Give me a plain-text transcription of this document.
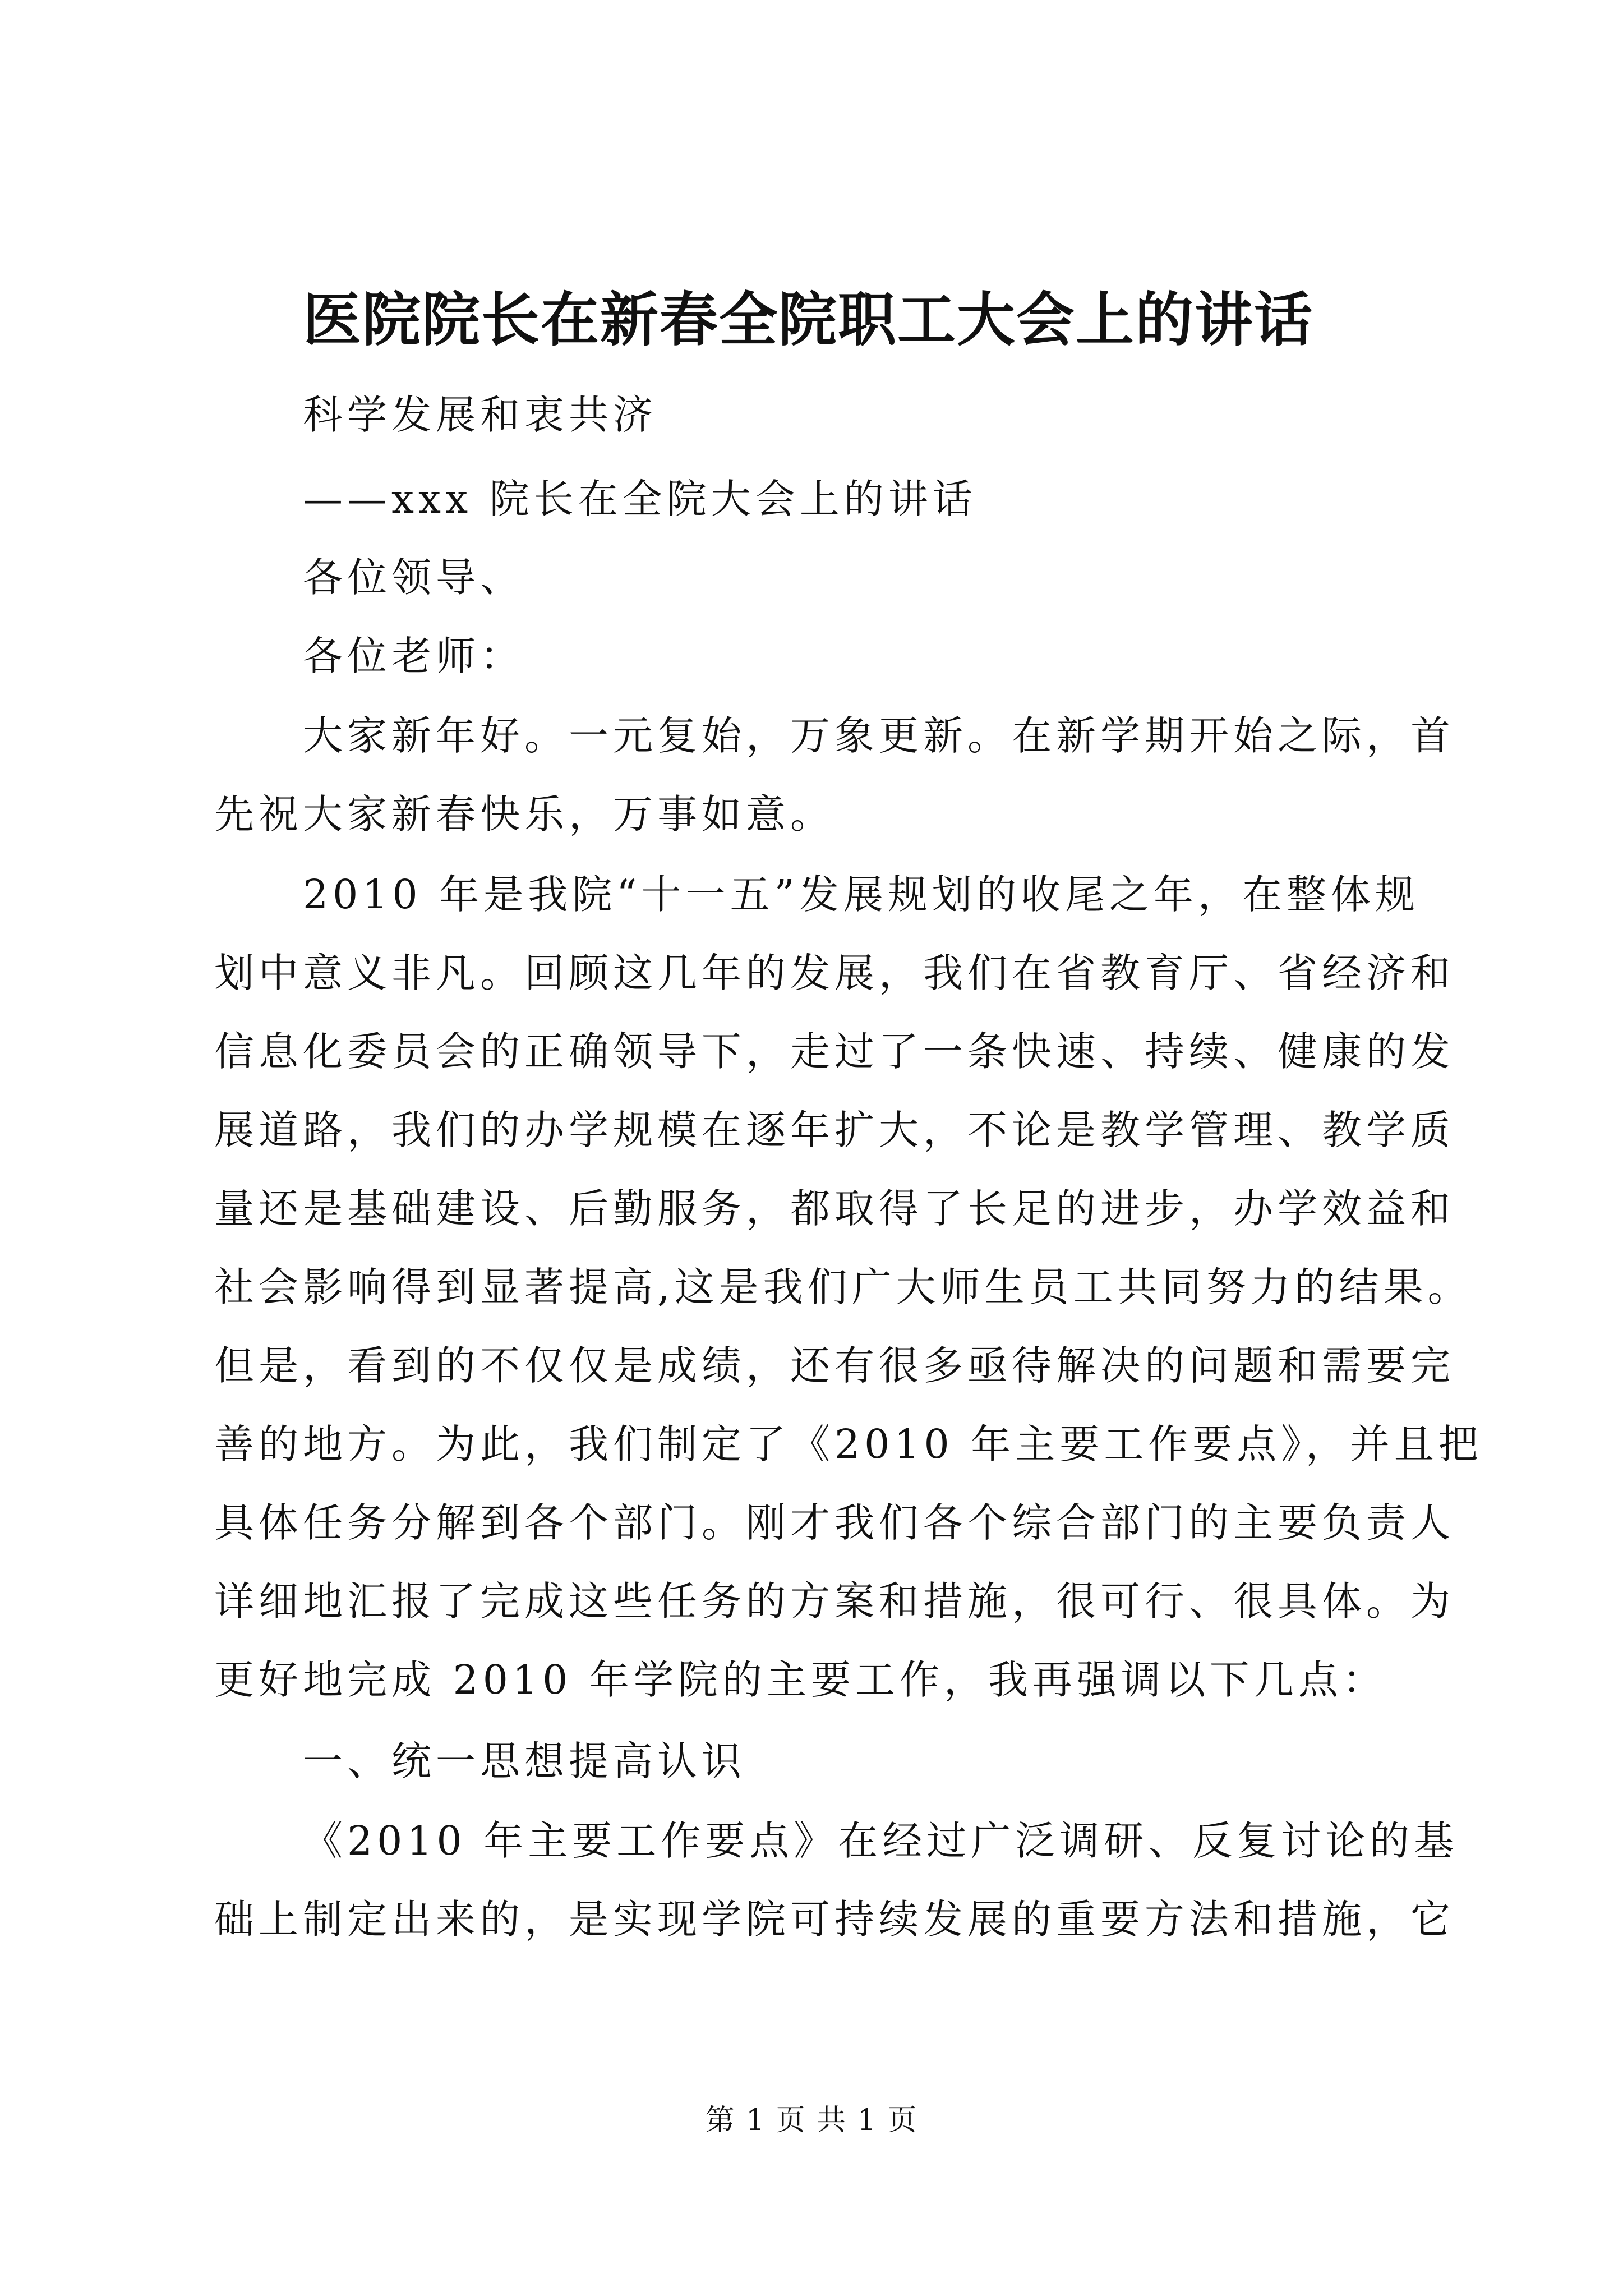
医院院长在新春全院职工大会上的讲话
科学发展和衷共济
——xxx 院长在全院大会上的讲话
各位领导、
各位老师：
大家新年好。一元复始，万象更新。在新学期开始之际，首
先祝大家新春快乐，万事如意。
2010 年是我院“十一五”发展规划的收尾之年，在整体规
划中意义非凡。回顾这几年的发展，我们在省教育厅、省经济和
信息化委员会的正确领导下，走过了一条快速、持续、健康的发
展道路，我们的办学规模在逐年扩大，不论是教学管理、教学质
量还是基础建设、后勤服务，都取得了长足的进步，办学效益和
社会影响得到显著提高,这是我们广大师生员工共同努力的结果。
但是，看到的不仅仅是成绩，还有很多亟待解决的问题和需要完
善的地方。为此，我们制定了《2010 年主要工作要点》，并且把
具体任务分解到各个部门。刚才我们各个综合部门的主要负责人
详细地汇报了完成这些任务的方案和措施，很可行、很具体。为
更好地完成 2010 年学院的主要工作，我再强调以下几点：
一、统一思想提高认识
《2010 年主要工作要点》在经过广泛调研、反复讨论的基
础上制定出来的，是实现学院可持续发展的重要方法和措施，它
第 1 页 共 1 页
